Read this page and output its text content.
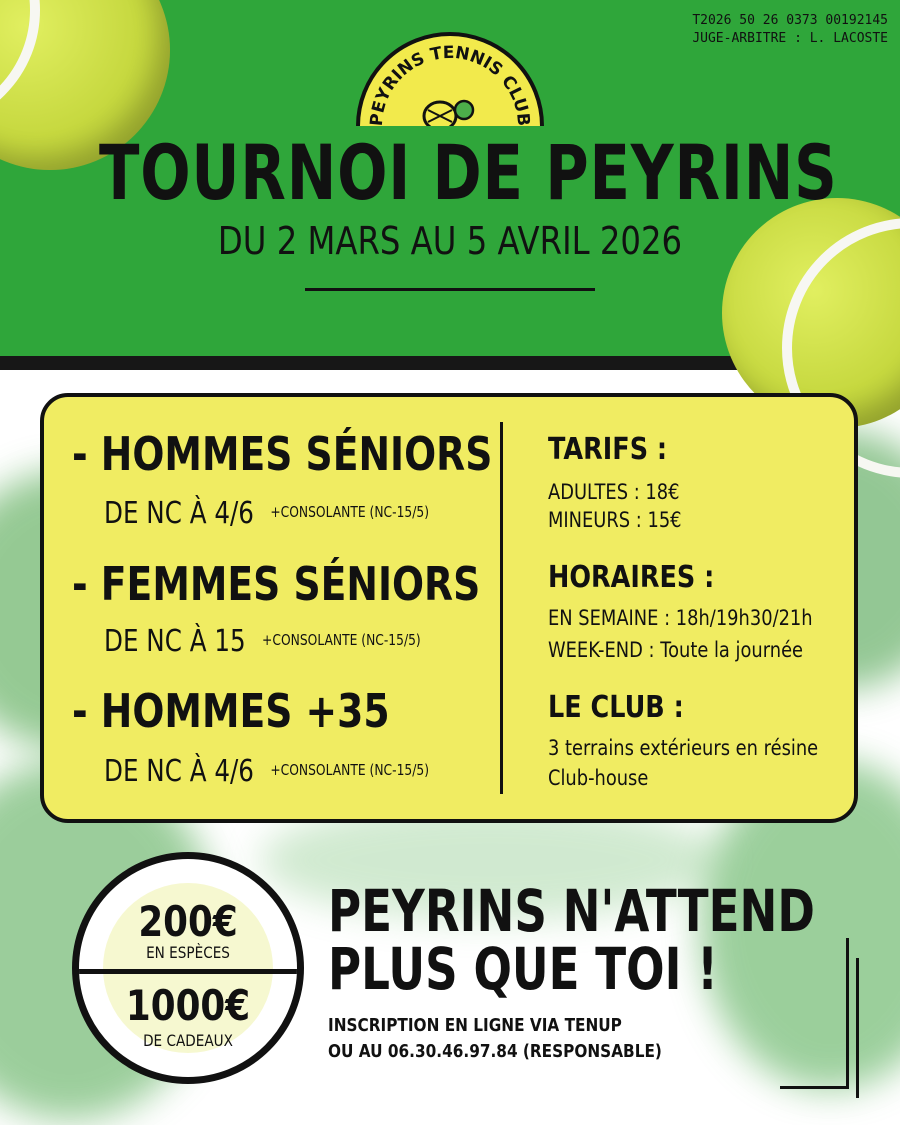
T2026 50 26 0373 00192145
JUGE-ARBITRE : L. LACOSTE
PEYRINS TENNIS CLUB
TOURNOI DE PEYRINS
DU 2 MARS AU 5 AVRIL 2026
- HOMMES SÉNIORS
DE NC À 4/6 $^{+CONSOLANTE (NC-15/5)}$
- FEMMES SÉNIORS
DE NC À 15 $^{+CONSOLANTE (NC-15/5)}$
- HOMMES +35
DE NC À 4/6 $^{+CONSOLANTE (NC-15/5)}$
TARIFS :
ADULTES : 18€
MINEURS : 15€
HORAIRES :
EN SEMAINE : 18h/19h30/21h
WEEK-END : Toute la journée
LE CLUB :
3 terrains extérieurs en résine
Club-house
200€
EN ESPÈCES
1000€
DE CADEAUX
PEYRINS N'ATTEND
PLUS QUE TOI !
INSCRIPTION EN LIGNE VIA TENUP
OU AU 06.30.46.97.84 (RESPONSABLE)
